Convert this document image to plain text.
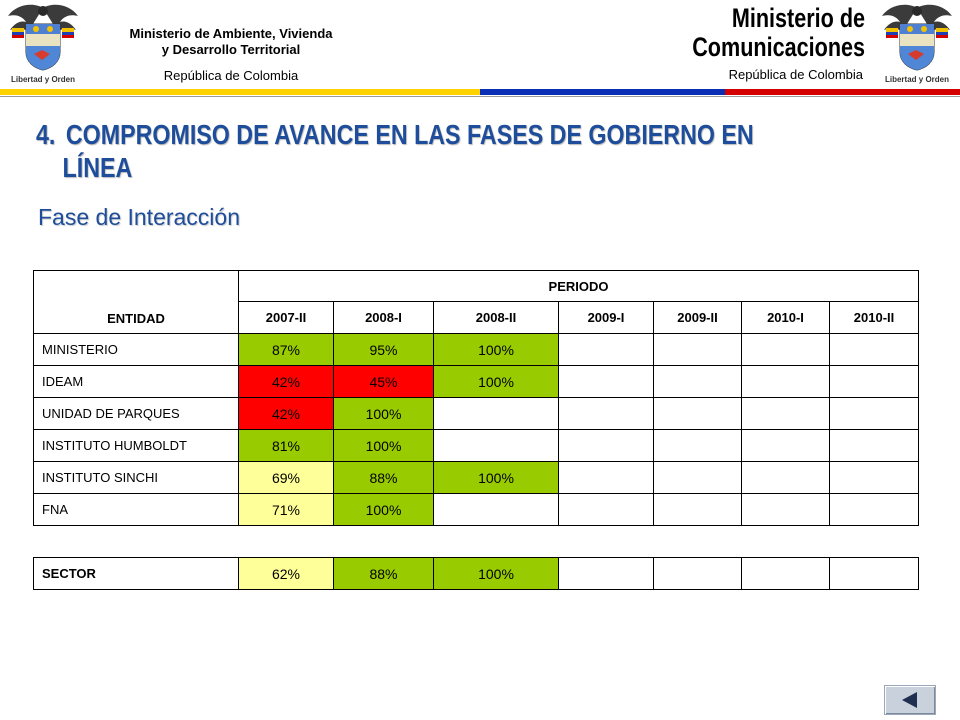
Libertad y Orden
Ministerio de Ambiente, Vivienda
y Desarrollo Territorial
República de Colombia
Ministerio de
Comunicaciones
República de Colombia	Libertad y Orden
4. COMPROMISO DE AVANCE EN LAS FASES DE GOBIERNO EN
LÍNEA
Fase de Interacción
ENTIDAD	PERIODO						
	2007-II	2008-I	2008-II	2009-I	2009-II	2010-I	2010-II
MINISTERIO	87%	95%	100%				
IDEAM	42%	45%	100%				
UNIDAD DE PARQUES	42%	100%					
INSTITUTO HUMBOLDT	81%	100%					
INSTITUTO SINCHI	69%	88%	100%				
FNA	71%	100%					

SECTOR	62%	88%	100%				
